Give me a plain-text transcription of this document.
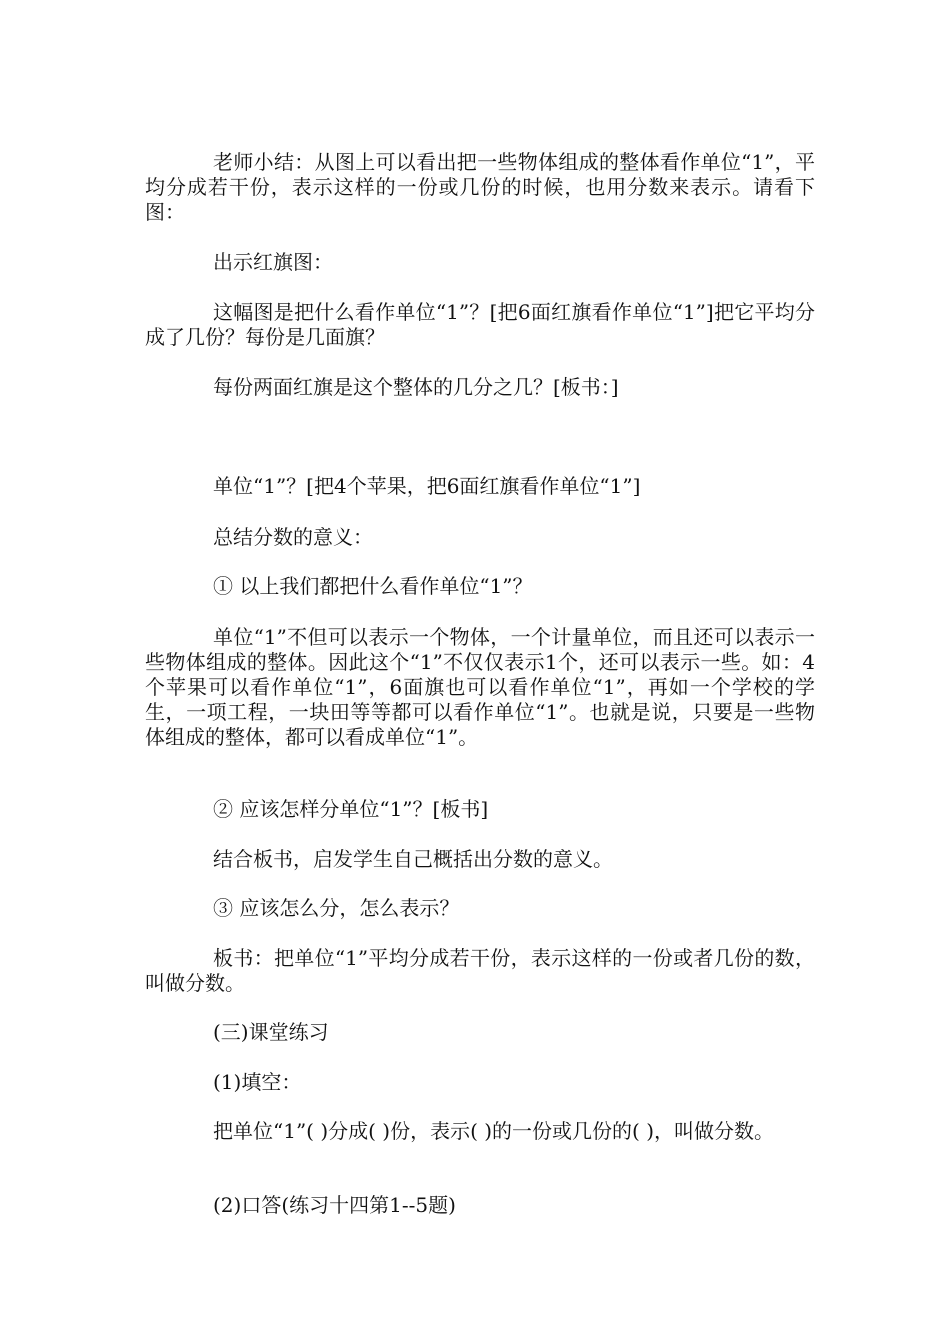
老师小结：从图上可以看出把一些物体组成的整体看作单位“1”，平均分成若干份，表示这样的一份或几份的时候，也用分数来表示。请看下图：
出示红旗图：
这幅图是把什么看作单位“1”？[把6面红旗看作单位“1”]把它平均分成了几份？每份是几面旗？
每份两面红旗是这个整体的几分之几？[板书：]
单位“1”？[把4个苹果，把6面红旗看作单位“1”]
总结分数的意义：
① 以上我们都把什么看作单位“1”？
单位“1”不但可以表示一个物体，一个计量单位，而且还可以表示一些物体组成的整体。因此这个“1”不仅仅表示1个，还可以表示一些。如：4个苹果可以看作单位“1”，6面旗也可以看作单位“1”，再如一个学校的学生，一项工程，一块田等等都可以看作单位“1”。也就是说，只要是一些物体组成的整体，都可以看成单位“1”。
② 应该怎样分单位“1”？[板书]
结合板书，启发学生自己概括出分数的意义。
③ 应该怎么分，怎么表示？
板书：把单位“1”平均分成若干份，表示这样的一份或者几份的数，叫做分数。
(三)课堂练习
(1)填空：
把单位“1”( )分成( )份，表示( )的一份或几份的( )，叫做分数。
(2)口答(练习十四第1--5题)
